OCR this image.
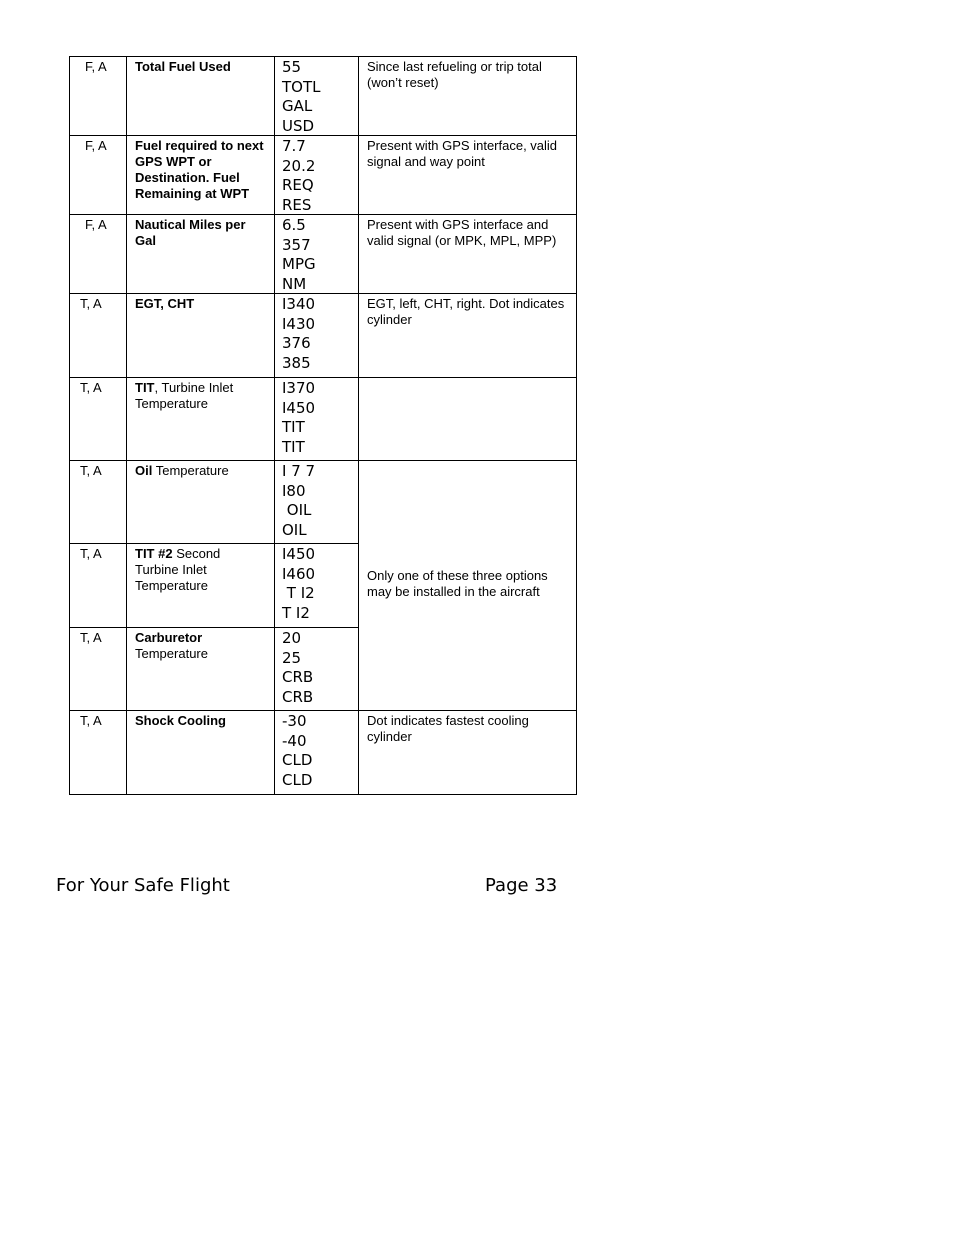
F, A	Total Fuel Used	55
TOTL
GAL
USD	Since last refueling or trip total (won’t reset)

F, A	Fuel required to next GPS WPT or Destination. Fuel Remaining at WPT	7.7
20.2
REQ
RES	Present with GPS interface, valid signal and way point

F, A	Nautical Miles per Gal	6.5
357
MPG
NM	Present with GPS interface and valid signal (or MPK, MPL, MPP)

T, A	EGT, CHT	I340
I430
376
385	EGT, left, CHT, right. Dot indicates cylinder

T, A	TIT, Turbine Inlet Temperature	I370
I450
TIT
TIT	

T, A	Oil Temperature	I 7 7
I80
OIL
OIL	Only one of these three options may be installed in the aircraft

T, A	TIT #2 Second Turbine Inlet Temperature	I450
I460
T I2
T I2	

T, A	Carburetor Temperature	20
25
CRB
CRB	

T, A	Shock Cooling	-30
-40
CLD
CLD	Dot indicates fastest cooling cylinder
For Your Safe Flight	Page 33
